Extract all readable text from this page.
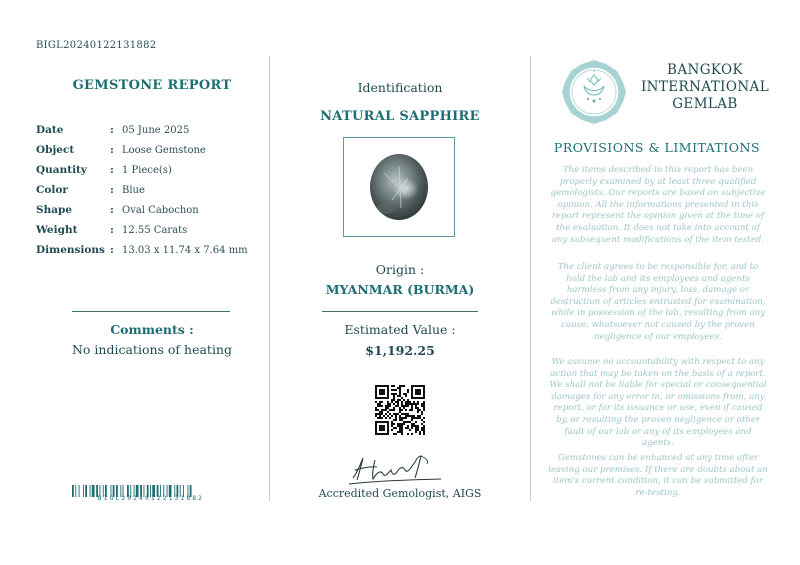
BIGL20240122131882
GEMSTONE REPORT
Date	: 05 June 2025
Object	: Loose Gemstone
Quantity	: 1 Piece(s)
Color	: Blue
Shape	: Oval Cabochon
Weight	: 12.55 Carats
Dimensions : 13.03 x 11.74 x 7.64 mm
Comments :
No indications of heating
BIGL20240122131882
Identification
NATURAL SAPPHIRE
Origin :
MYANMAR (BURMA)
Estimated Value :
$1,192.25
Accredited Gemologist, AIGS
BANGKOK
INTERNATIONAL
GEMLAB
PROVISIONS & LIMITATIONS
The items described in this report has been properly examined by at least three qualified gemologists. Our reports are based on subjective opinion. All the informations presented in this report represent the opinion given at the time of the evaluation. It does not take into account of any subsequent modifications of the item tested.
The client agrees to be responsible for, and to hold the lab and its employees and agents harmless from any injury, loss, damage or destruction of articles entrusted for examination, while in possession of the lab, resulting from any cause, whatsoever not caused by the proven negligence of our employees.
We assume no accountability with respect to any action that may be taken on the basis of a report. We shall not be liable for special or consequential damages for any error in, or omissions from, any report, or for its issuance or use, even if caused by, or resulting the proven negligence or other fault of our lab or any of its employees and agents.
Gemstones can be enhanced at any time after leaving our premises. If there are doubts about an item's current condition, it can be submitted for re-testing.
